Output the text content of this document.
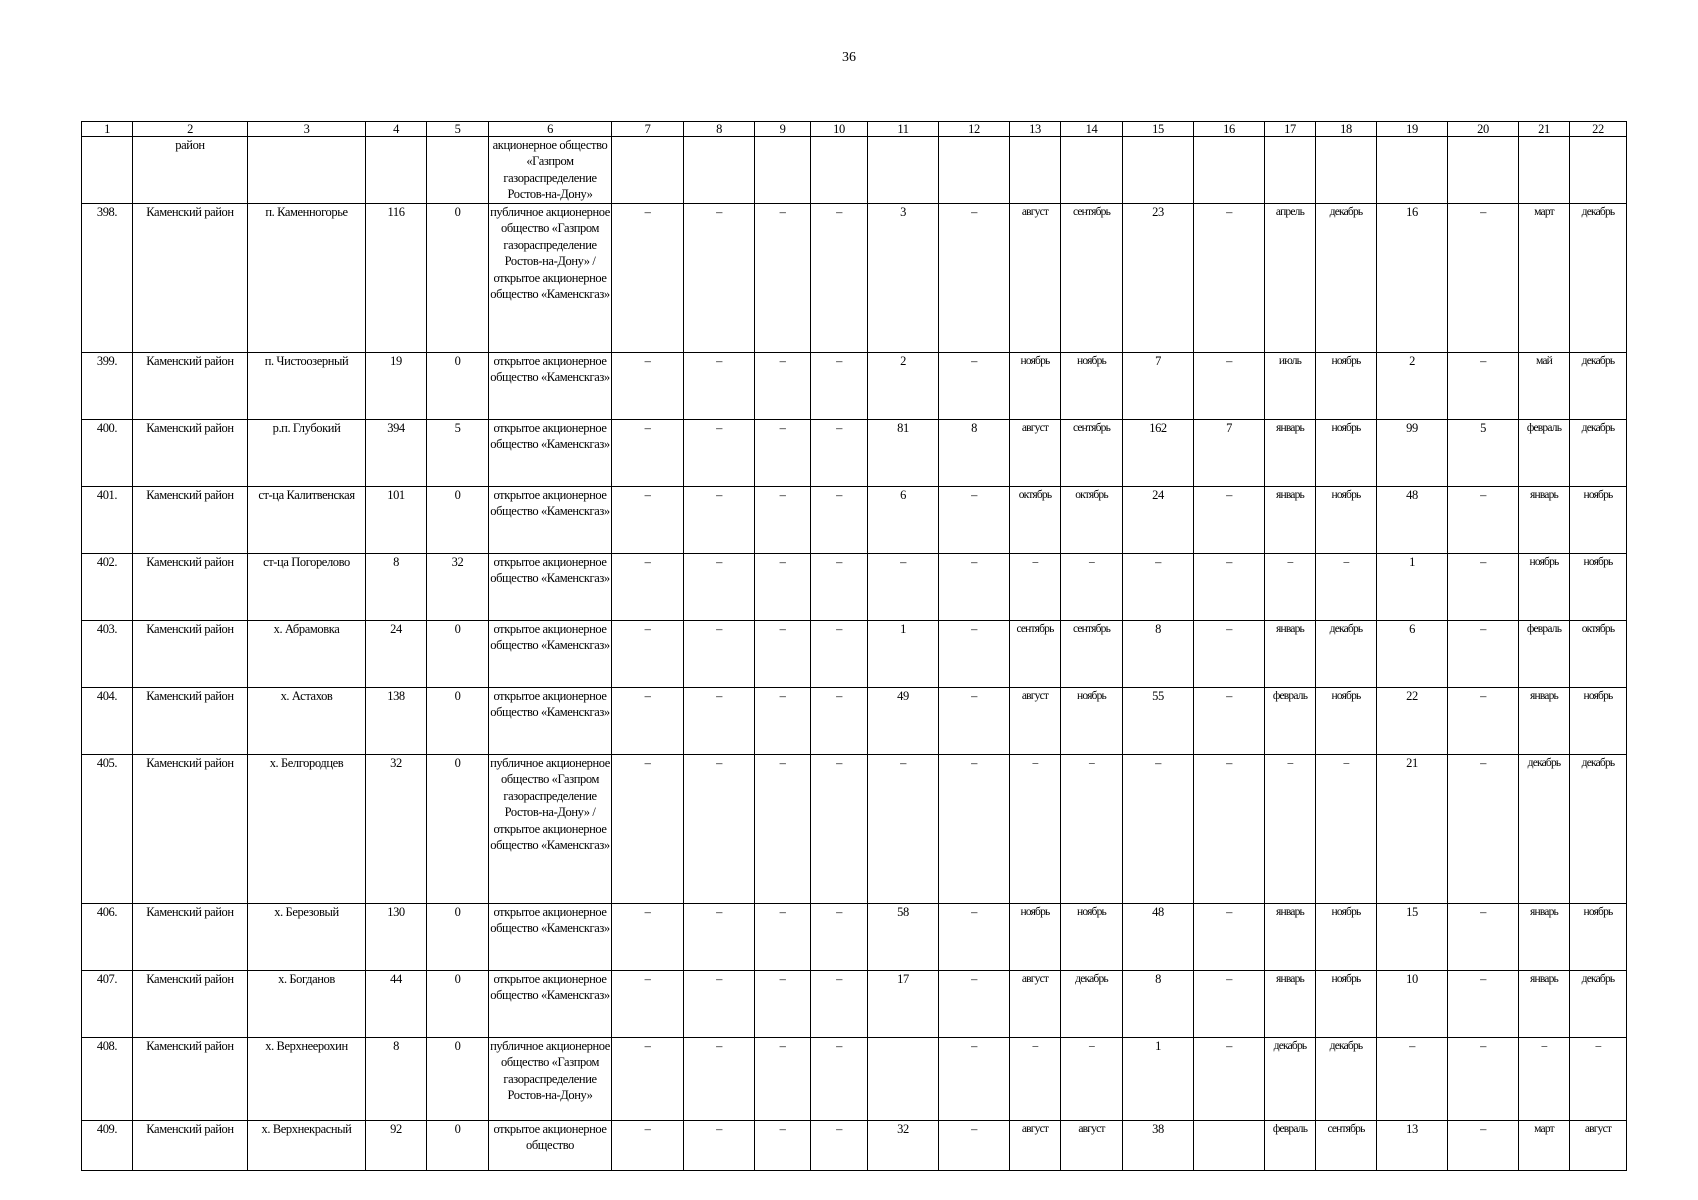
36
1	2	3	4	5	6	7	8	9	10	11	12	13	14	15	16	17	18	19	20	21	22
	район				акционерное общество «Газпром газораспределение Ростов-на-Дону»																
398.	Каменский район	п. Каменногорье	116	0	публичное акционерное общество «Газпром газораспределение Ростов-на-Дону» / открытое акционерное общество «Каменскгаз»	–	–	–	–	3	–	август	сентябрь	23	–	апрель	декабрь	16	–	март	декабрь
399.	Каменский район	п. Чистоозерный	19	0	открытое акционерное общество «Каменскгаз»	–	–	–	–	2	–	ноябрь	ноябрь	7	–	июль	ноябрь	2	–	май	декабрь
400.	Каменский район	р.п. Глубокий	394	5	открытое акционерное общество «Каменскгаз»	–	–	–	–	81	8	август	сентябрь	162	7	январь	ноябрь	99	5	февраль	декабрь
401.	Каменский район	ст-ца Калитвенская	101	0	открытое акционерное общество «Каменскгаз»	–	–	–	–	6	–	октябрь	октябрь	24	–	январь	ноябрь	48	–	январь	ноябрь
402.	Каменский район	ст-ца Погорелово	8	32	открытое акционерное общество «Каменскгаз»	–	–	–	–	–	–	–	–	–	–	–	–	1	–	ноябрь	ноябрь
403.	Каменский район	х. Абрамовка	24	0	открытое акционерное общество «Каменскгаз»	–	–	–	–	1	–	сентябрь	сентябрь	8	–	январь	декабрь	6	–	февраль	октябрь
404.	Каменский район	х. Астахов	138	0	открытое акционерное общество «Каменскгаз»	–	–	–	–	49	–	август	ноябрь	55	–	февраль	ноябрь	22	–	январь	ноябрь
405.	Каменский район	х. Белгородцев	32	0	публичное акционерное общество «Газпром газораспределение Ростов-на-Дону» / открытое акционерное общество «Каменскгаз»	–	–	–	–	–	–	–	–	–	–	–	–	21	–	декабрь	декабрь
406.	Каменский район	х. Березовый	130	0	открытое акционерное общество «Каменскгаз»	–	–	–	–	58	–	ноябрь	ноябрь	48	–	январь	ноябрь	15	–	январь	ноябрь
407.	Каменский район	х. Богданов	44	0	открытое акционерное общество «Каменскгаз»	–	–	–	–	17	–	август	декабрь	8	–	январь	ноябрь	10	–	январь	декабрь
408.	Каменский район	х. Верхнеерохин	8	0	публичное акционерное общество «Газпром газораспределение Ростов-на-Дону»	–	–	–	–		–	–	–	1	–	декабрь	декабрь	–	–	–	–
409.	Каменский район	х. Верхнекрасный	92	0	открытое акционерное общество	–	–	–	–	32	–	август	август	38		февраль	сентябрь	13	–	март	август
